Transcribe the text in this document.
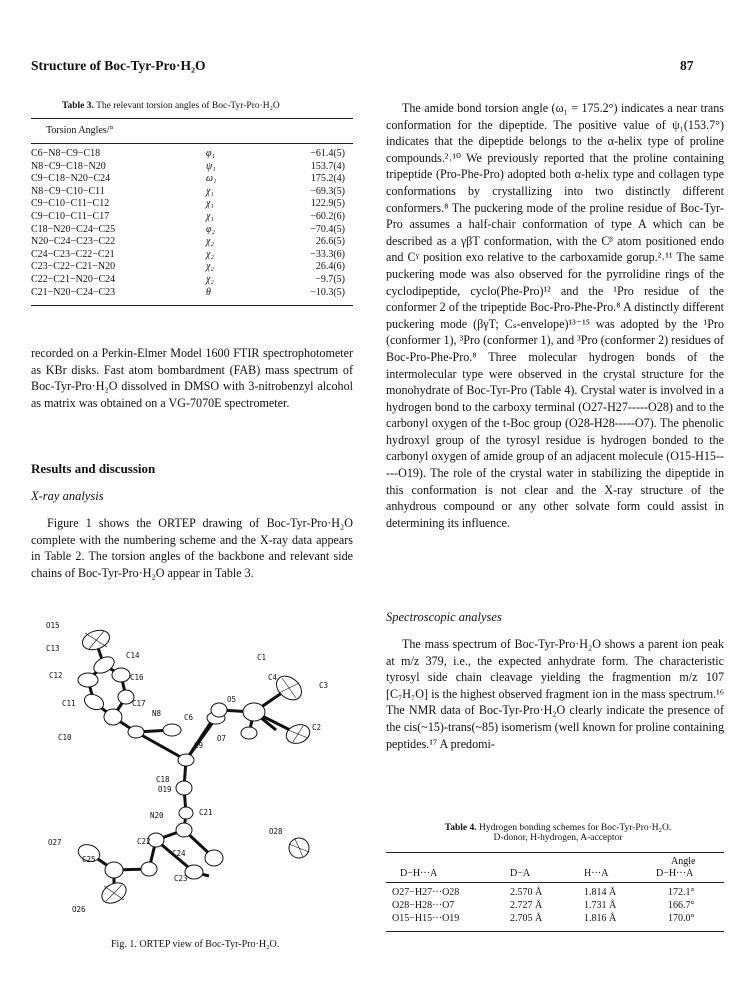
Structure of Boc-Tyr-Pro·H₂O	87
Table 3. The relevant torsion angles of Boc-Tyr-Pro·H₂O
Torsion Angles/°
C6−N8−C9−C18	φ₁	−61.4(5)
N8−C9−C18−N20	ψ₁	153.7(4)
C9−C18−N20−C24	ω₁	175.2(4)
N8−C9−C10−C11	χ₁	−69.3(5)
C9−C10−C11−C12	χ₁	122.9(5)
C9−C10−C11−C17	χ₁	−60.2(6)
C18−N20−C24−C25	φ₂	−70.4(5)
N20−C24−C23−C22	χ₂	26.6(5)
C24−C23−C22−C21	χ₂	−33.3(6)
C23−C22−C21−N20	χ₂	26.4(6)
C22−C21−N20−C24	χ₂	−9.7(5)
C21−N20−C24−C23	θ	−10.3(5)

recorded on a Perkin-Elmer Model 1600 FTIR spectrophotometer as KBr disks. Fast atom bombardment (FAB) mass spectrum of Boc-Tyr-Pro·H₂O dissolved in DMSO with 3-nitrobenzyl alcohol as matrix was obtained on a VG-7070E spectrometer.

Results and discussion
X-ray analysis

Figure 1 shows the ORTEP drawing of Boc-Tyr-Pro·H₂O complete with the numbering scheme and the X-ray data appears in Table 2. The torsion angles of the backbone and relevant side chains of Boc-Tyr-Pro·H₂O appear in Table 3.

O15
C13
C14	C1
C12	C16	C4
C3
O5
C11	C17
N8	C6
C2
C10
C9
O7
C18
O19
N20	C21
O28
O27	C22
C24
C25
C23
O26
Fig. 1. ORTEP view of Boc-Tyr-Pro·H₂O.

The amide bond torsion angle (ω₁ = 175.2°) indicates a near trans conformation for the dipeptide. The positive value of ψ₁(153.7°) indicates that the dipeptide belongs to the α-helix type of proline compounds.²˒¹⁰ We previously reported that the proline containing tripeptide (Pro-Phe-Pro) adopted both α-helix type and collagen type conformations by crystallizing into two distinctly different conformers.⁸ The puckering mode of the proline residue of Boc-Tyr-Pro assumes a half-chair conformation of type A which can be described as a γβT conformation, with the Cᵝ atom positioned endo and Cˠ position exo relative to the carboxamide gorup.²˒¹¹ The same puckering mode was also observed for the pyrrolidine rings of the cyclodipeptide, cyclo(Phe-Pro)¹² and the ¹Pro residue of the conformer 2 of the tripeptide Boc-Pro-Phe-Pro.⁸ A distinctly different puckering mode (βγT; Cₛ-envelope)¹³⁻¹⁵ was adopted by the ¹Pro (conformer 1), ³Pro (conformer 1), and ³Pro (conformer 2) residues of Boc-Pro-Phe-Pro.⁸ Three molecular hydrogen bonds of the intermolecular type were observed in the crystal structure for the monohydrate of Boc-Tyr-Pro (Table 4). Crystal water is involved in a hydrogen bond to the carboxy terminal (O27-H27-----O28) and to the carbonyl oxygen of the t-Boc group (O28-H28-----O7). The phenolic hydroxyl group of the tyrosyl residue is hydrogen bonded to the carbonyl oxygen of amide group of an adjacent molecule (O15-H15-----O19). The role of the crystal water in stabilizing the dipeptide in this conformation is not clear and the X-ray structure of the anhydrous compound or any other solvate form could assist in determining its influence.

Spectroscopic analyses

The mass spectrum of Boc-Tyr-Pro·H₂O shows a parent ion peak at m/z 379, i.e., the expected anhydrate form. The characteristic tyrosyl side chain cleavage yielding the fragmention m/z 107 [C₇H₇O] is the highest observed fragment ion in the mass spectrum.¹⁶ The NMR data of Boc-Tyr-Pro·H₂O clearly indicate the presence of the cis(~15)-trans(~85) isomerism (well known for proline containing peptides.¹⁷ A predomi-

Table 4. Hydrogen bonding schemes for Boc-Tyr-Pro·H₂O.
D-donor, H-hydrogen, A-acceptor
D−H···A	D−A	H···A
Angle
D−H···A
O27−H27···O28	2.570 Å	1.814 Å	172.1°
O28−H28···O7	2.727 Å	1.731 Å	166.7°
O15−H15···O19	2.705 Å	1.816 Å	170.0°
